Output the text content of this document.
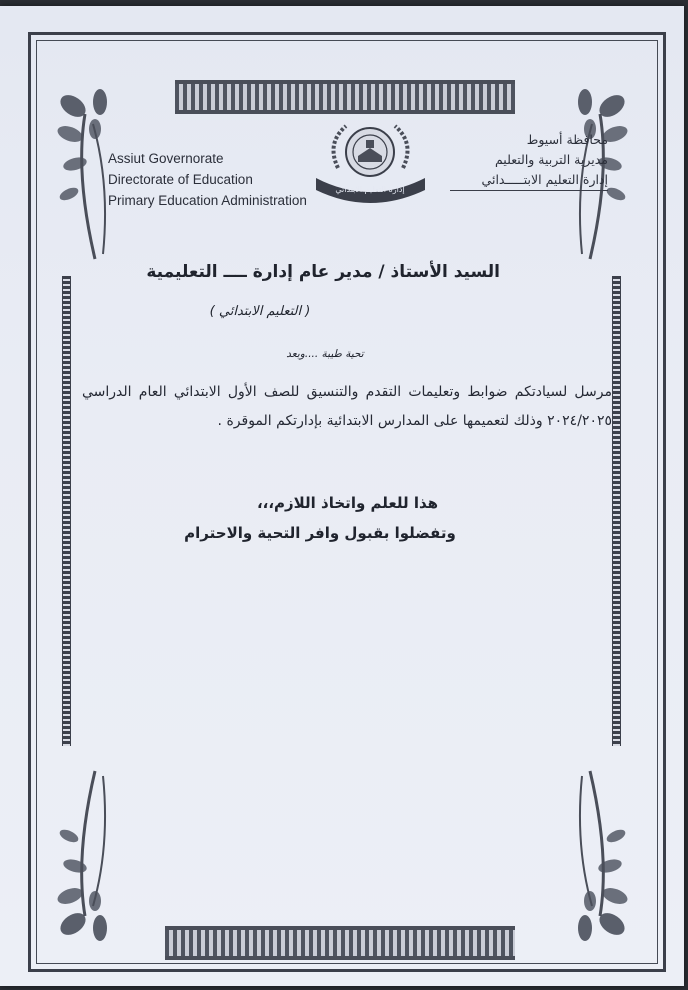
Assiut Governorate
Directorate of Education
Primary Education Administration
إدارة التعليم الابتدائي
محافظة أسيوط
مديرية التربية والتعليم
إدارة التعليم الابتـــــدائي
السيد الأستاذ / مدير عام إدارة ــــ التعليمية
( التعليم الابتدائي )
تحية طيبة ....وبعد
مرسل لسيادتكم ضوابط وتعليمات التقدم والتنسيق للصف الأول الابتدائي العام الدراسي ٢٠٢٤/٢٠٢٥ وذلك لتعميمها على المدارس الابتدائية بإدارتكم الموقرة .
هذا للعلم واتخاذ اللازم،،،
وتفضلوا بقبول وافر التحية والاحترام
